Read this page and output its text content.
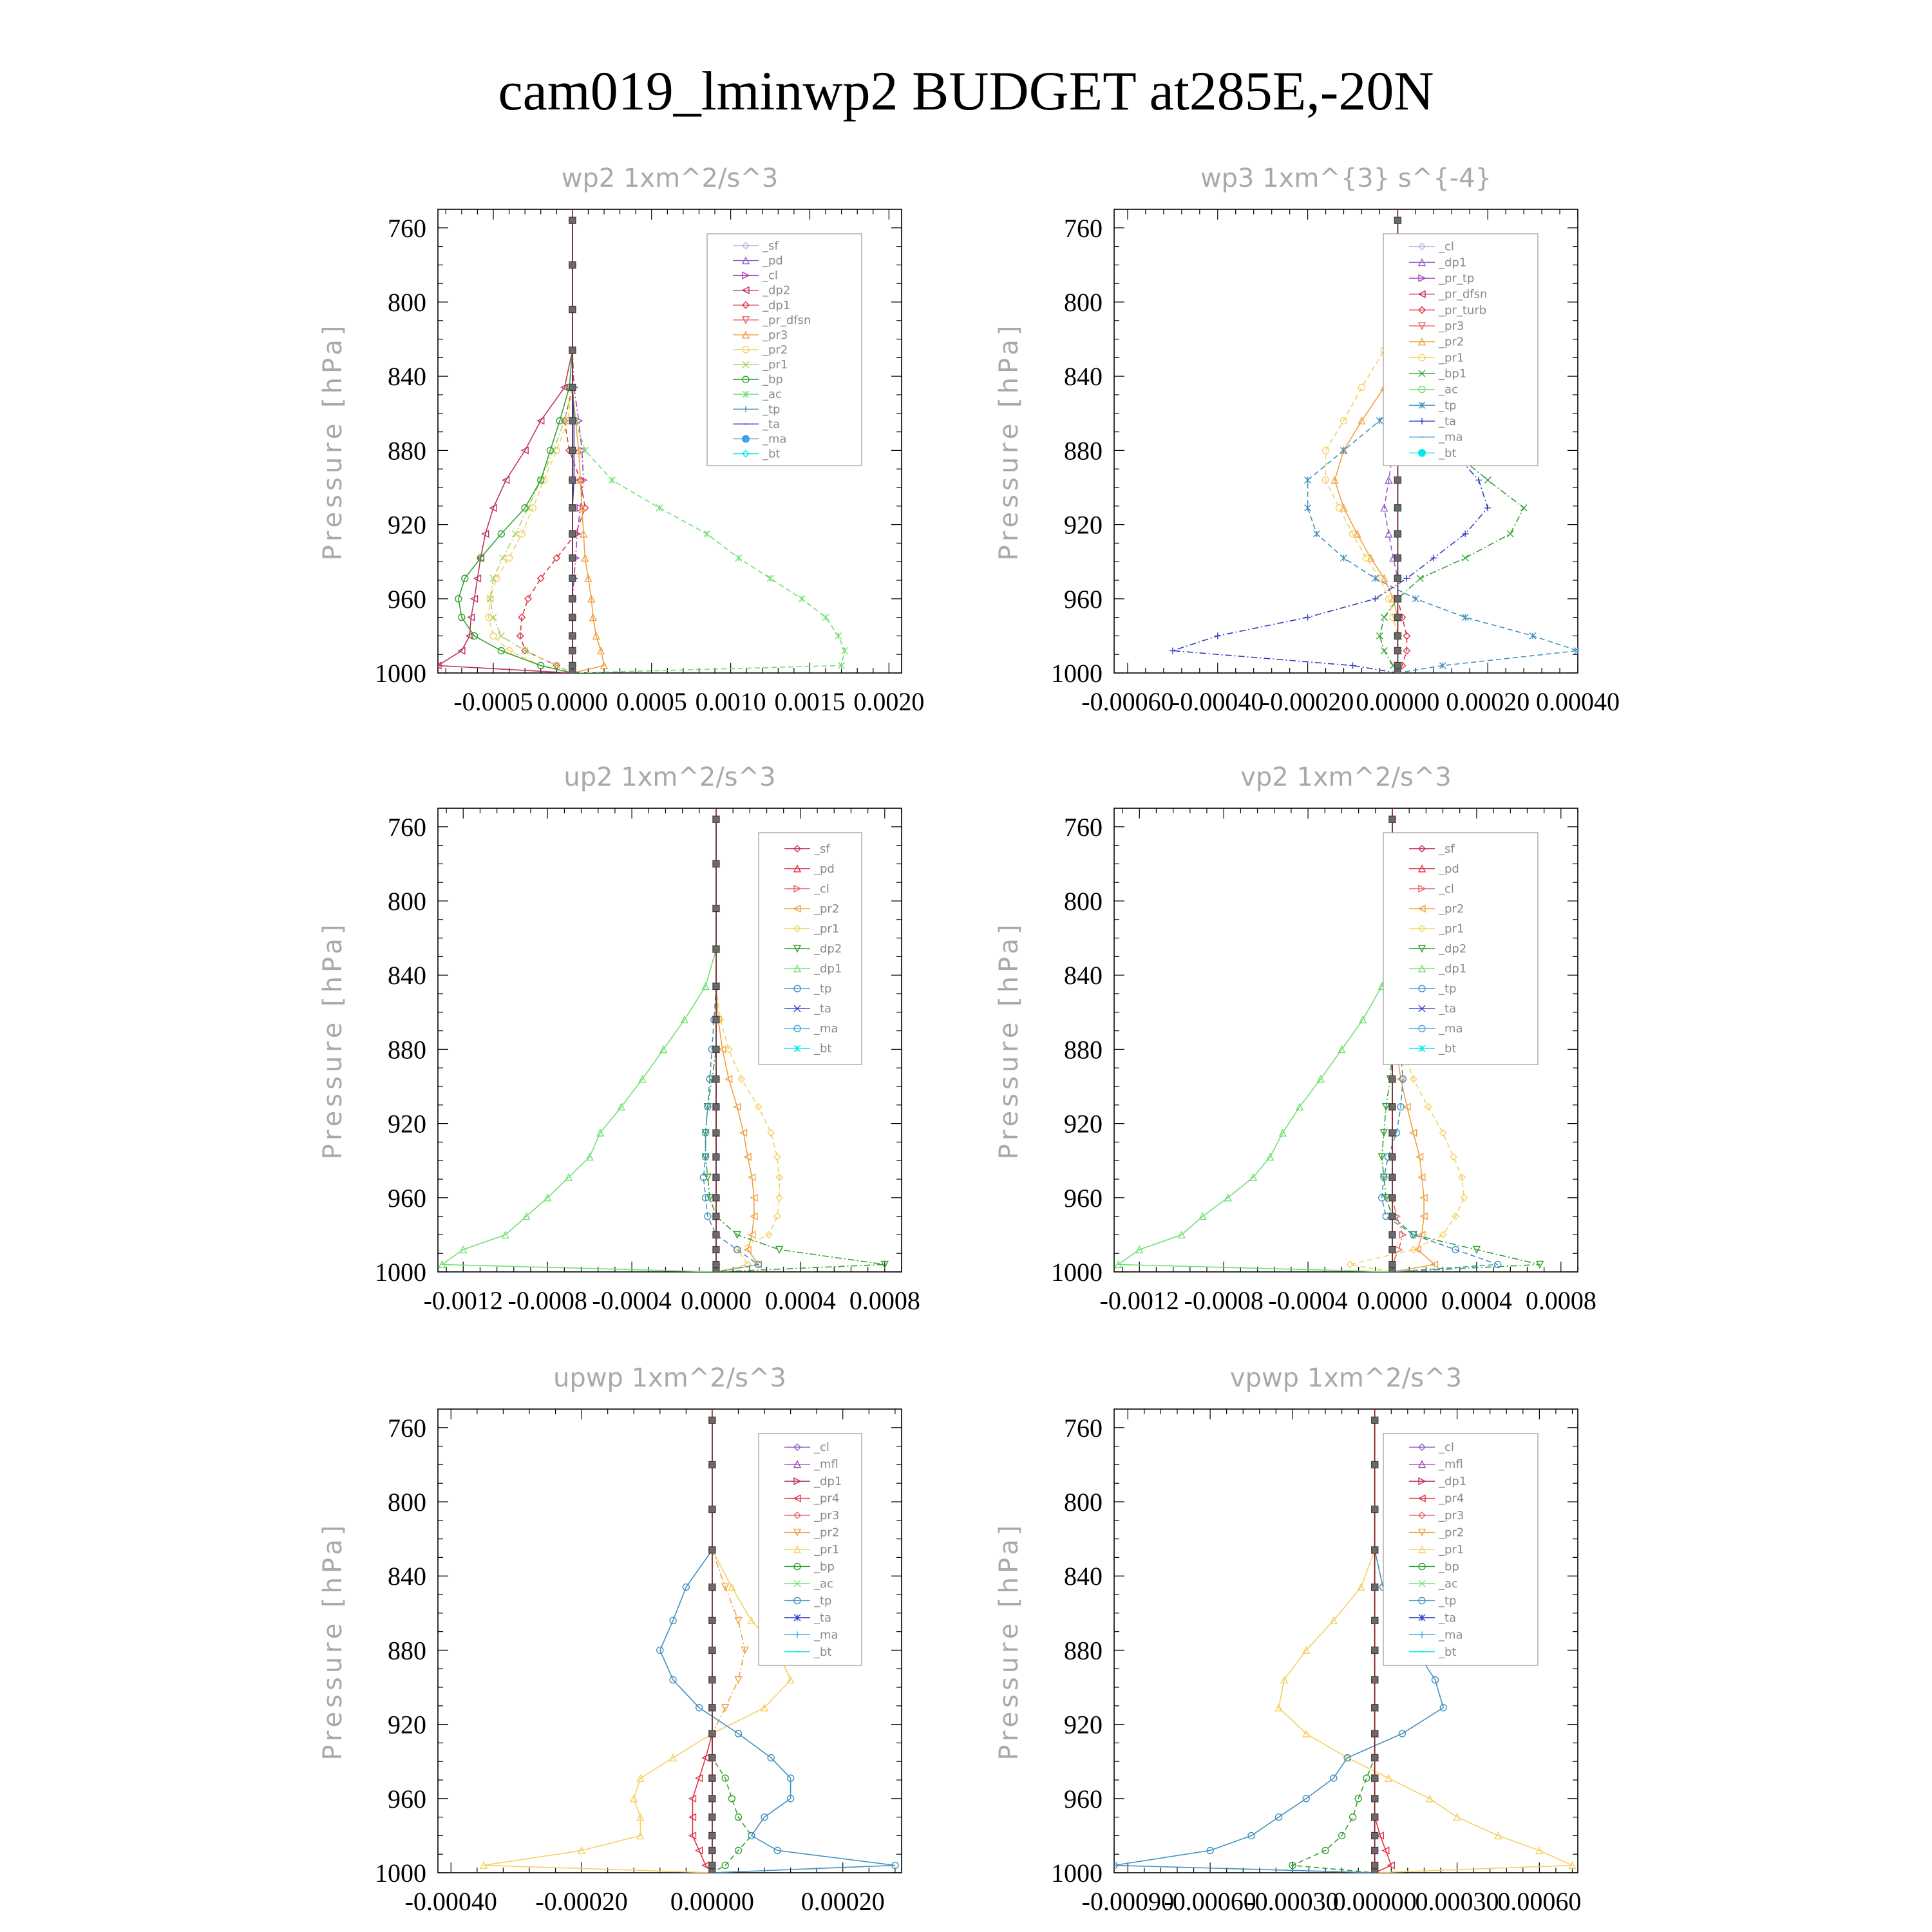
cam019_lminwp2 BUDGET at285E,-20N
wp2 1xm^2/s^3
Pressure [hPa]
760
800
840
880
920
960
1000
-0.0005 0.0000 0.0005 0.0010 0.0015 0.0020
_sf
_pd
_cl
_dp2
_dp1
_pr_dfsn
_pr3
_pr2
_pr1
_bp
_ac
_tp
_ta
_ma
_bt
wp3 1xm^{3} s^{-4}
Pressure [hPa]
760
800
840
880
920
960
1000
-0.00060
-0.00040
-0.00020 0.00000 0.00020 0.00040
_cl
_dp1
_pr_tp
_pr_dfsn
_pr_turb
_pr3
_pr2
_pr1
_bp1
_ac
_tp
_ta
_ma
_bt
up2 1xm^2/s^3
Pressure [hPa]
760
800
840
880
920
960
1000
-0.0012 -0.0008 -0.0004 0.0000 0.0004 0.0008
_sf
_pd
_cl
_pr2
_pr1
_dp2
_dp1
_tp
_ta
_ma
_bt
vp2 1xm^2/s^3
Pressure [hPa]
760
800
840
880
920
960
1000
-0.0012 -0.0008 -0.0004 0.0000 0.0004 0.0008
_sf
_pd
_cl
_pr2
_pr1
_dp2
_dp1
_tp
_ta
_ma
_bt
upwp 1xm^2/s^3
Pressure [hPa]
760
800
840
880
920
960
1000
-0.00040 -0.00020 0.00000 0.00020
_cl
_mfl
_dp1
_pr4
_pr3
_pr2
_pr1
_bp
_ac
_tp
_ta
_ma
_bt
vpwp 1xm^2/s^3
Pressure [hPa]
760
800
840
880
920
960
1000
-0.00090
-0.00060
-0.00030
0.00000
0.00030
0.00060
_cl
_mfl
_dp1
_pr4
_pr3
_pr2
_pr1
_bp
_ac
_tp
_ta
_ma
_bt
